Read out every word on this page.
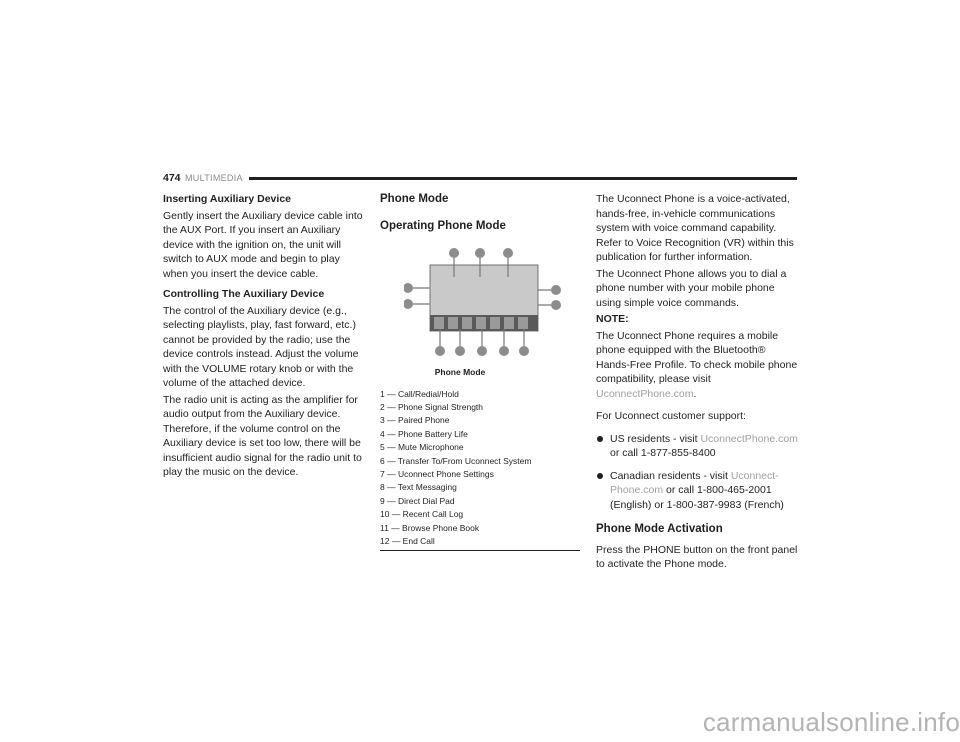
474 MULTIMEDIA

Inserting Auxiliary Device

Gently insert the Auxiliary device cable into the AUX Port. If you insert an Auxiliary device with the ignition on, the unit will switch to AUX mode and begin to play when you insert the device cable.

Controlling The Auxiliary Device

The control of the Auxiliary device (e.g., selecting playlists, play, fast forward, etc.) cannot be provided by the radio; use the device controls instead. Adjust the volume with the VOLUME rotary knob or with the volume of the attached device.

The radio unit is acting as the amplifier for audio output from the Auxiliary device. Therefore, if the volume control on the Auxiliary device is set too low, there will be insufficient audio signal for the radio unit to play the music on the device.

Phone Mode

Operating Phone Mode

Phone Mode

1 — Call/Redial/Hold
2 — Phone Signal Strength
3 — Paired Phone
4 — Phone Battery Life
5 — Mute Microphone
6 — Transfer To/From Uconnect System
7 — Uconnect Phone Settings
8 — Text Messaging
9 — Direct Dial Pad
10 — Recent Call Log
11 — Browse Phone Book
12 — End Call

The Uconnect Phone is a voice-activated, hands-free, in-vehicle communications system with voice command capability. Refer to Voice Recognition (VR) within this publication for further information.

The Uconnect Phone allows you to dial a phone number with your mobile phone using simple voice commands.

NOTE:

The Uconnect Phone requires a mobile phone equipped with the Bluetooth® Hands-Free Profile. To check mobile phone compatibility, please visit UconnectPhone.com.

For Uconnect customer support:

US residents - visit UconnectPhone.com or call 1-877-855-8400
Canadian residents - visit Uconnect-Phone.com or call 1-800-465-2001 (English) or 1-800-387-9983 (French)

Phone Mode Activation

Press the PHONE button on the front panel to activate the Phone mode.

carmanualsonline.info
